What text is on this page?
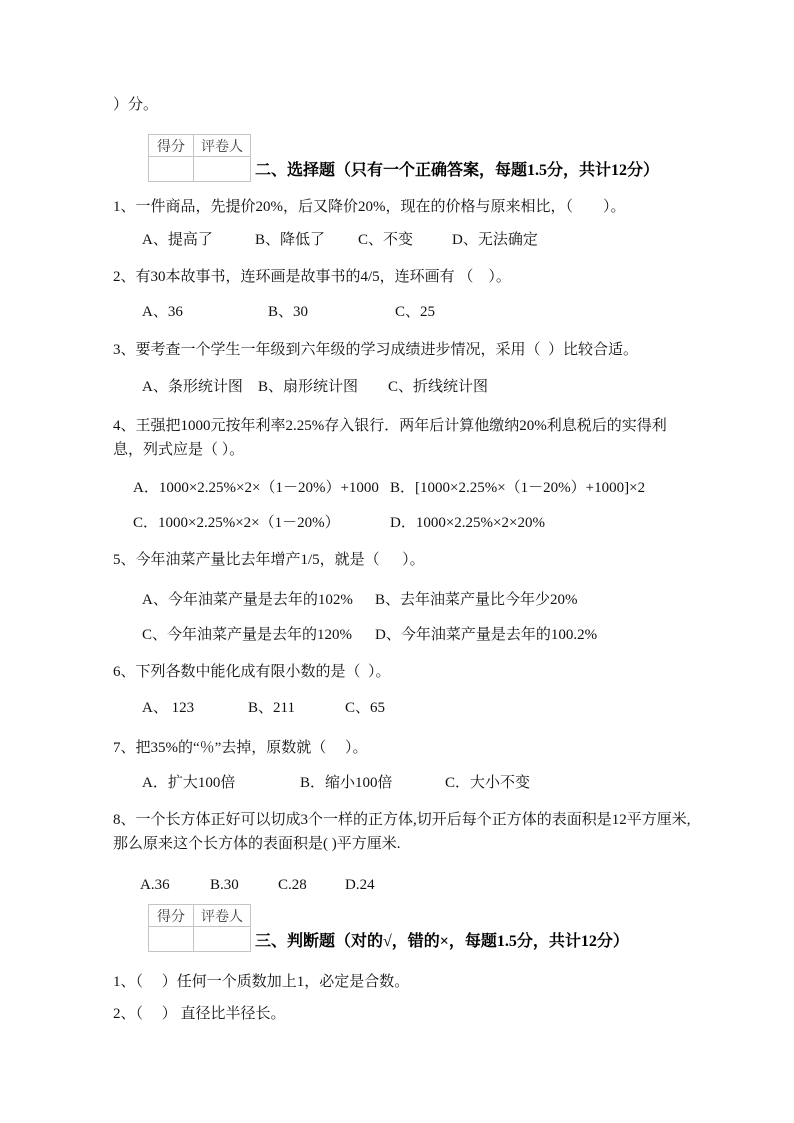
）分。
得分	评卷人

二、选择题（只有一个正确答案，每题1.5分，共计12分）
1、一件商品，先提价20%，后又降价20%，现在的价格与原来相比，（        ）。
A、提高了	B、降低了 C、不变	D、无法确定
2、有30本故事书，连环画是故事书的4/5，连环画有 （    ）。
A、36	B、30	C、25
3、要考查一个学生一年级到六年级的学习成绩进步情况，采用（  ）比较合适。
A、条形统计图 B、扇形统计图 C、折线统计图
4、王强把1000元按年利率2.25%存入银行．两年后计算他缴纳20%利息税后的实得利息，列式应是（ ）。
A．1000×2.25%×2×（1－20%）+1000 B．[1000×2.25%×（1－20%）+1000]×2
C．1000×2.25%×2×（1－20%）	D．1000×2.25%×2×20%
5、今年油菜产量比去年增产1/5，就是（      ）。
A、今年油菜产量是去年的102% B、去年油菜产量比今年少20%
C、今年油菜产量是去年的120% D、今年油菜产量是去年的100.2%
6、下列各数中能化成有限小数的是（  ）。
A、 123	B、211	C、65
7、把35%的“％”去掉，原数就（     ）。
A．扩大100倍	B．缩小100倍	C．大小不变
8、一个长方体正好可以切成3个一样的正方体,切开后每个正方体的表面积是12平方厘米,那么原来这个长方体的表面积是( )平方厘米.
A.36	B.30	C.28	D.24
得分	评卷人

三、判断题（对的√，错的×，每题1.5分，共计12分）
1、（     ）任何一个质数加上1，必定是合数。
2、（     ） 直径比半径长。
